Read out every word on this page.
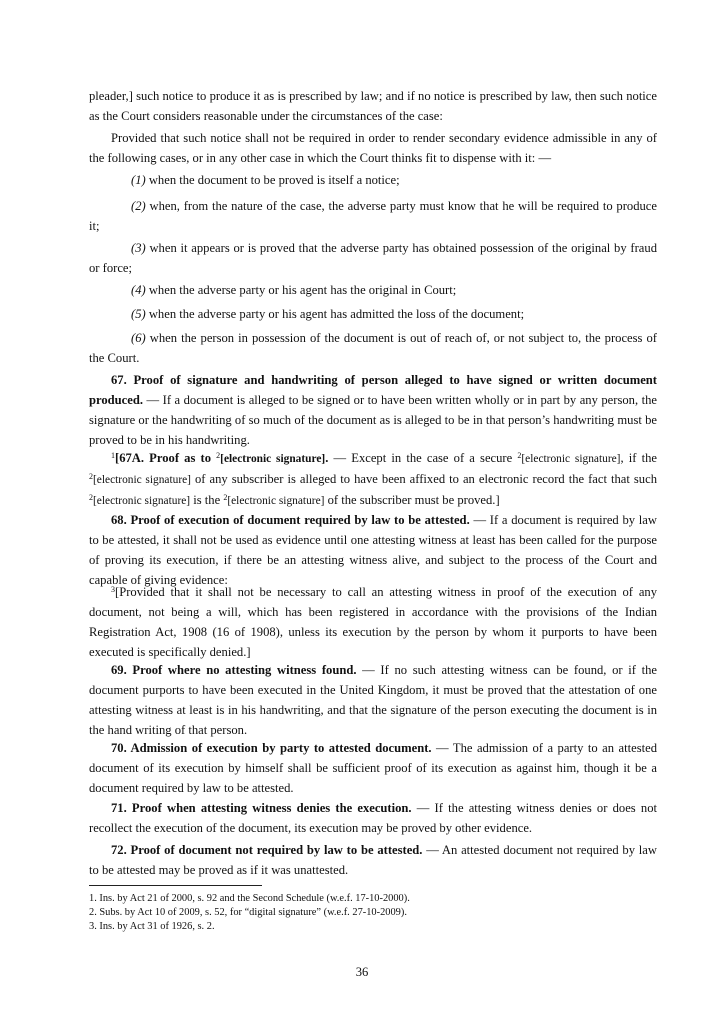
pleader,] such notice to produce it as is prescribed by law; and if no notice is prescribed by law, then such notice as the Court considers reasonable under the circumstances of the case:

Provided that such notice shall not be required in order to render secondary evidence admissible in any of the following cases, or in any other case in which the Court thinks fit to dispense with it: —

(1) when the document to be proved is itself a notice;

(2) when, from the nature of the case, the adverse party must know that he will be required to produce it;

(3) when it appears or is proved that the adverse party has obtained possession of the original by fraud or force;

(4) when the adverse party or his agent has the original in Court;

(5) when the adverse party or his agent has admitted the loss of the document;

(6) when the person in possession of the document is out of reach of, or not subject to, the process of the Court.

67. Proof of signature and handwriting of person alleged to have signed or written document produced. — If a document is alleged to be signed or to have been written wholly or in part by any person, the signature or the handwriting of so much of the document as is alleged to be in that person’s handwriting must be proved to be in his handwriting.

$^1$[67A. Proof as to $^2$[electronic signature]. — Except in the case of a secure $^2$[electronic signature], if the $^2$[electronic signature] of any subscriber is alleged to have been affixed to an electronic record the fact that such $^2$[electronic signature] is the $^2$[electronic signature] of the subscriber must be proved.]

68. Proof of execution of document required by law to be attested. — If a document is required by law to be attested, it shall not be used as evidence until one attesting witness at least has been called for the purpose of proving its execution, if there be an attesting witness alive, and subject to the process of the Court and capable of giving evidence:

$^3$[Provided that it shall not be necessary to call an attesting witness in proof of the execution of any document, not being a will, which has been registered in accordance with the provisions of the Indian Registration Act, 1908 (16 of 1908), unless its execution by the person by whom it purports to have been executed is specifically denied.]

69. Proof where no attesting witness found. — If no such attesting witness can be found, or if the document purports to have been executed in the United Kingdom, it must be proved that the attestation of one attesting witness at least is in his handwriting, and that the signature of the person executing the document is in the hand writing of that person.

70. Admission of execution by party to attested document. — The admission of a party to an attested document of its execution by himself shall be sufficient proof of its execution as against him, though it be a document required by law to be attested.

71. Proof when attesting witness denies the execution. — If the attesting witness denies or does not recollect the execution of the document, its execution may be proved by other evidence.

72. Proof of document not required by law to be attested. — An attested document not required by law to be attested may be proved as if it was unattested.

1. Ins. by Act 21 of 2000, s. 92 and the Second Schedule (w.e.f. 17-10-2000).

2. Subs. by Act 10 of 2009, s. 52, for “digital signature” (w.e.f. 27-10-2009).

3. Ins. by Act 31 of 1926, s. 2.

36
